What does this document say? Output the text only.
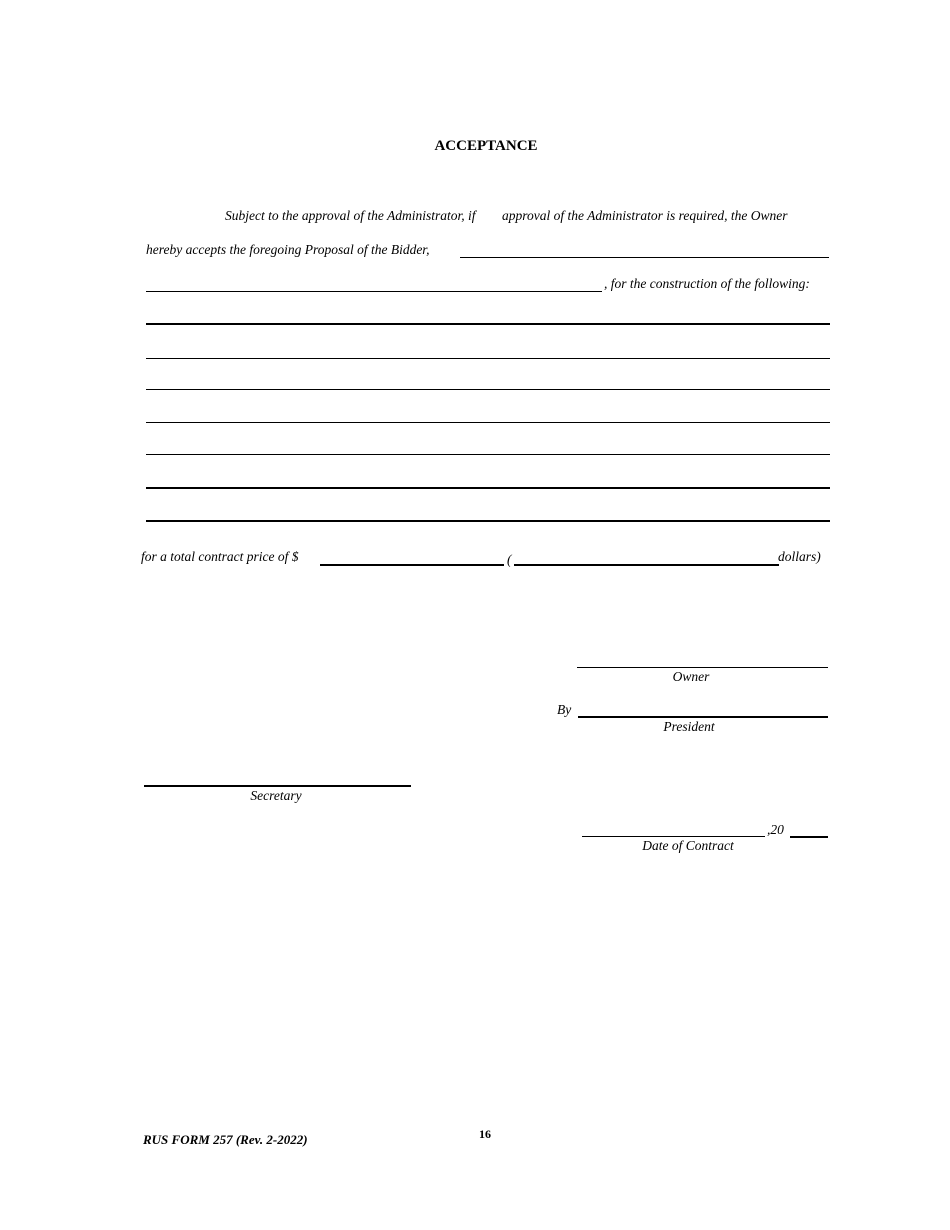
ACCEPTANCE
Subject to the approval of the Administrator, if approval of the Administrator is required, the Owner
hereby accepts the foregoing Proposal of the Bidder,
, for the construction of the following:
for a total contract price of $	(	dollars)
Owner
By
President
Secretary
,20
Date of Contract
RUS FORM 257 (Rev. 2-2022)	16
